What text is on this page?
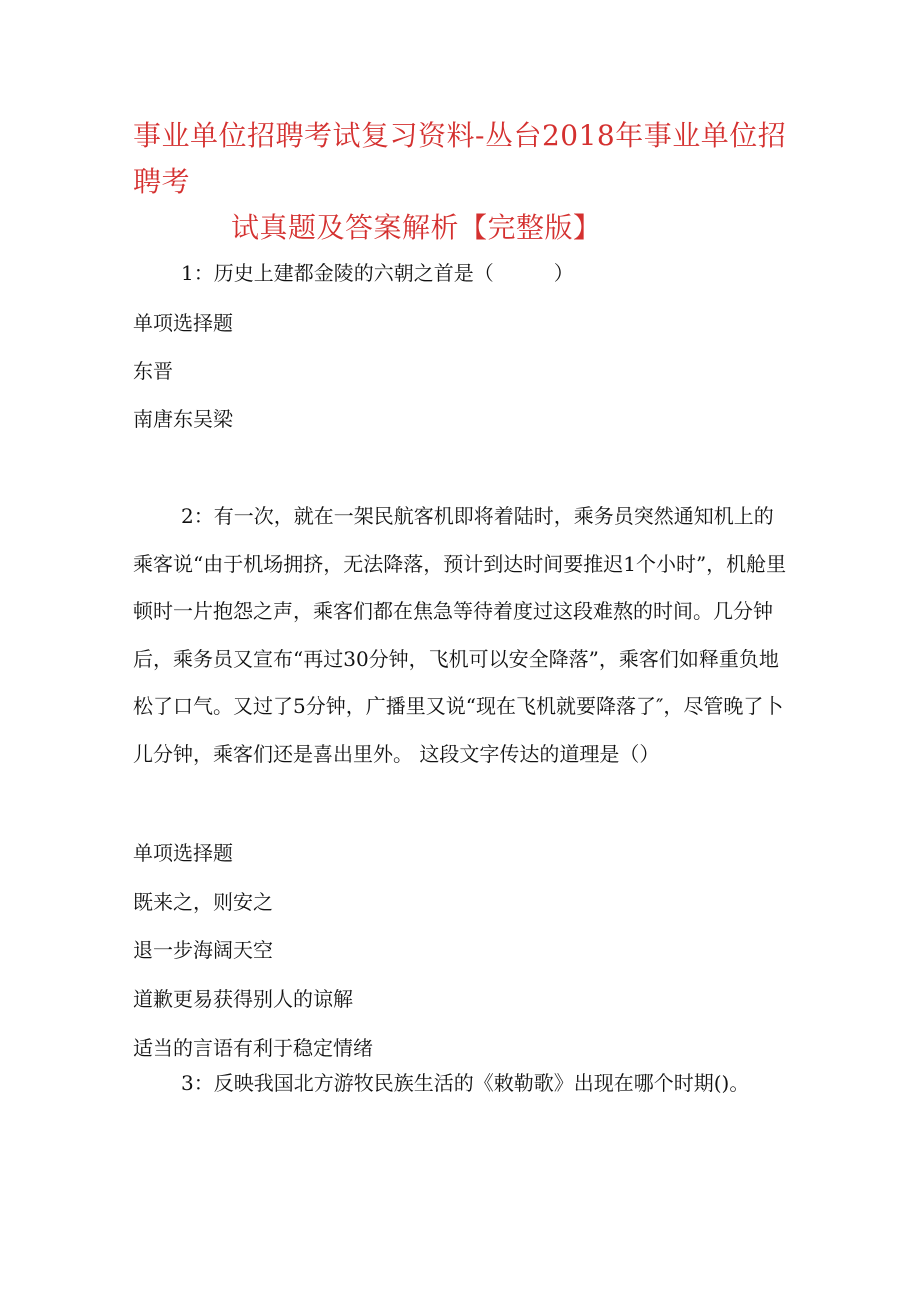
事业单位招聘考试复习资料-丛台2018年事业单位招聘考
试真题及答案解析【完整版】

1：历史上建都金陵的六朝之首是（　　　）

单项选择题
东晋
南唐东吴梁

2：有一次，就在一架民航客机即将着陆时，乘务员突然通知机上的乘客说“由于机场拥挤，无法降落，预计到达时间要推迟1个小时”，机舱里顿时一片抱怨之声，乘客们都在焦急等待着度过这段难熬的时间。几分钟后，乘务员又宣布“再过30分钟，飞机可以安全降落”，乘客们如释重负地松了口气。又过了5分钟，广播里又说“现在飞机就要降落了″，尽管晚了卜儿分钟，乘客们还是喜出里外。 这段文字传达的道理是（）

单项选择题
既来之，则安之
退一步海阔天空
道歉更易获得别人的谅解
适当的言语有利于稳定情绪

3：反映我国北方游牧民族生活的《敕勒歌》出现在哪个时期()。
